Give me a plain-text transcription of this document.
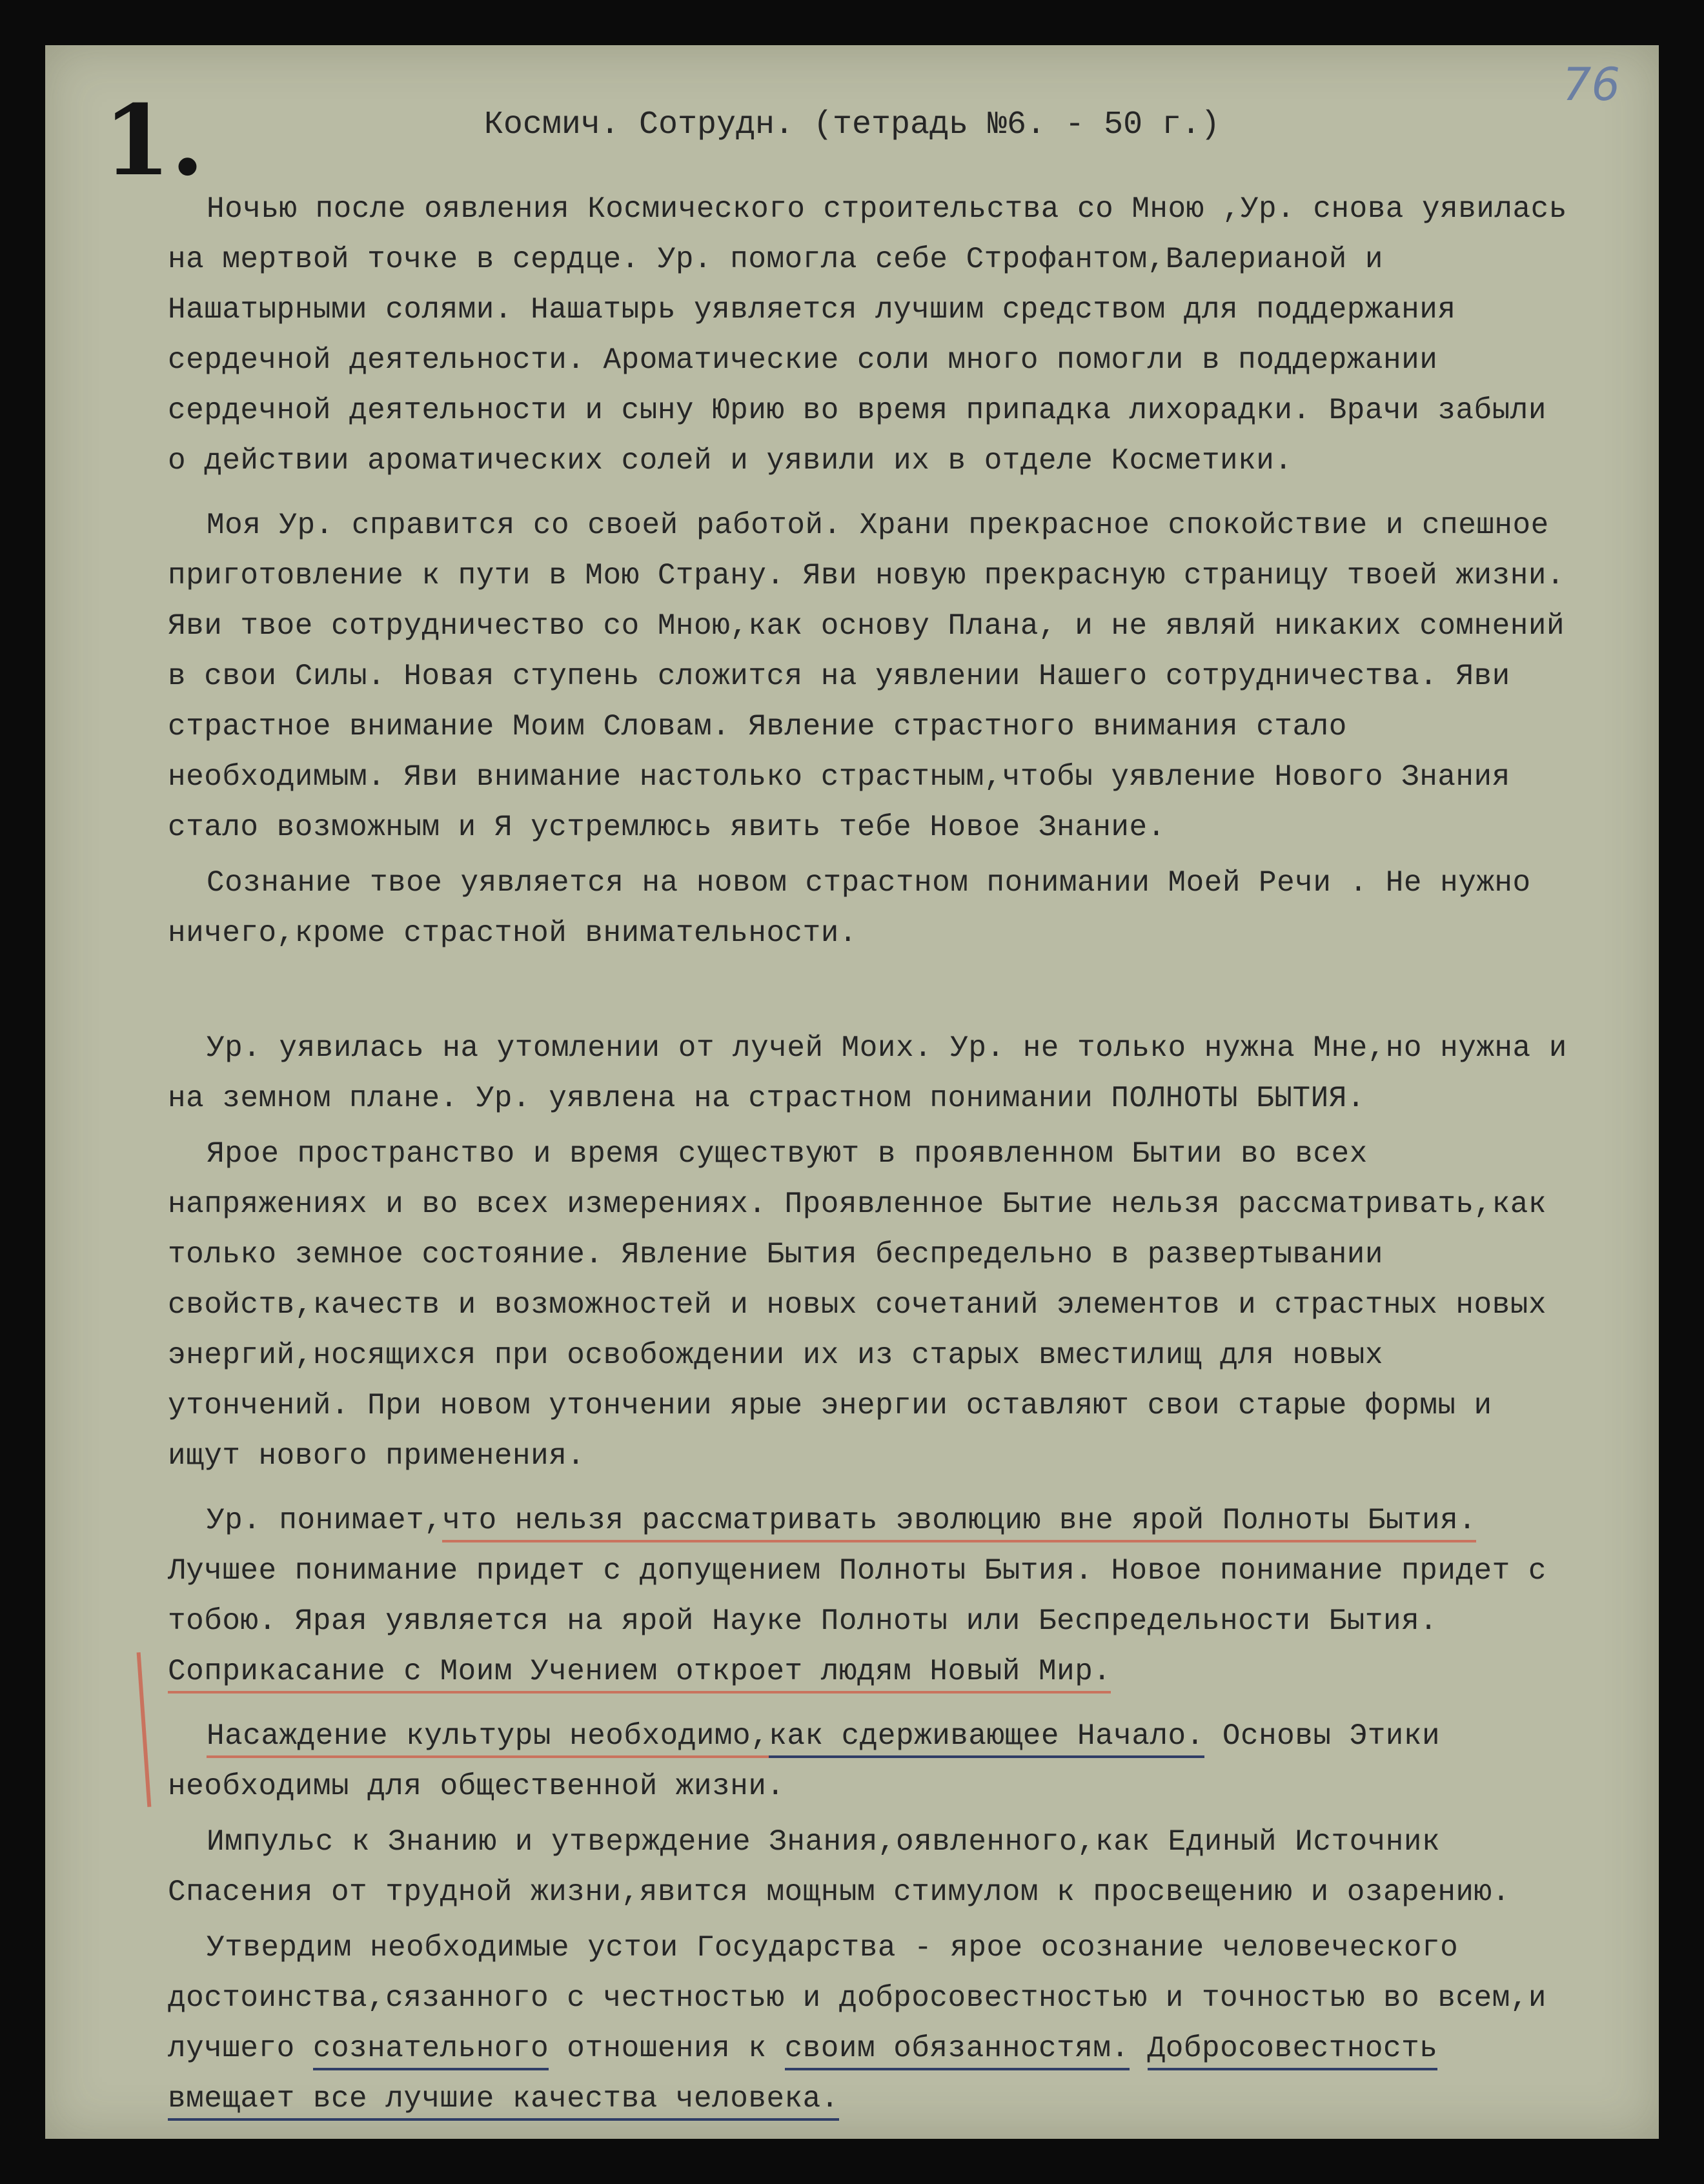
1.	76
Космич. Сотрудн. (тетрадь №6. - 50 г.)

Ночью после оявления Космического строительства со Мною ,Ур. снова уявилась на мертвой точке в сердце. Ур. помогла себе Строфантом,Валерианой и Нашатырными солями. Нашатырь уявляется лучшим средством для поддержания сердечной деятельности. Ароматические соли много помогли в поддержании сердечной деятельности и сыну Юрию во время припадка лихорадки. Врачи забыли о действии ароматических солей и уявили их в отделе Косметики.

Моя Ур. справится со своей работой. Храни прекрасное спокойствие и спешное приготовление к пути в Мою Страну. Яви новую прекрасную страницу твоей жизни. Яви твое сотрудничество со Мною,как основу Плана, и не являй никаких сомнений в свои Силы. Новая ступень сложится на уявлении Нашего сотрудничества. Яви страстное внимание Моим Словам. Явление страстного внимания стало необходимым. Яви внимание настолько страстным,чтобы уявление Нового Знания стало возможным и Я устремлюсь явить тебе Новое Знание.

Сознание твое уявляется на новом страстном понимании Моей Речи . Не нужно ничего,кроме страстной внимательности.

Ур. уявилась на утомлении от лучей Моих. Ур. не только нужна Мне,но нужна и на земном плане. Ур. уявлена на страстном понимании ПОЛНОТЫ БЫТИЯ.

Ярое пространство и время существуют в проявленном Бытии во всех напряжениях и во всех измерениях. Проявленное Бытие нельзя рассматривать,как только земное состояние. Явление Бытия беспредельно в развертывании свойств,качеств и возможностей и новых сочетаний элементов и страстных новых энергий,носящихся при освобождении их из старых вместилищ для новых утончений. При новом утончении ярые энергии оставляют свои старые формы и ищут нового применения.

Ур. понимает,что нельзя рассматривать эволюцию вне ярой Полноты Бытия. Лучшее понимание придет с допущением Полноты Бытия. Новое понимание придет с тобою. Ярая уявляется на ярой Науке Полноты или Беспредельности Бытия. Соприкасание с Моим Учением откроет людям Новый Мир.

Насаждение культуры необходимо,как сдерживающее Начало. Основы Этики необходимы для общественной жизни.

Импульс к Знанию и утверждение Знания,оявленного,как Единый Источник Спасения от трудной жизни,явится мощным стимулом к просвещению и озарению.

Утвердим необходимые устои Государства - ярое осознание человеческого достоинства,сязанного с честностью и добросовестностью и точностью во всем,и лучшего сознательного отношения к своим обязанностям. Добросовестность вмещает все лучшие качества человека.
